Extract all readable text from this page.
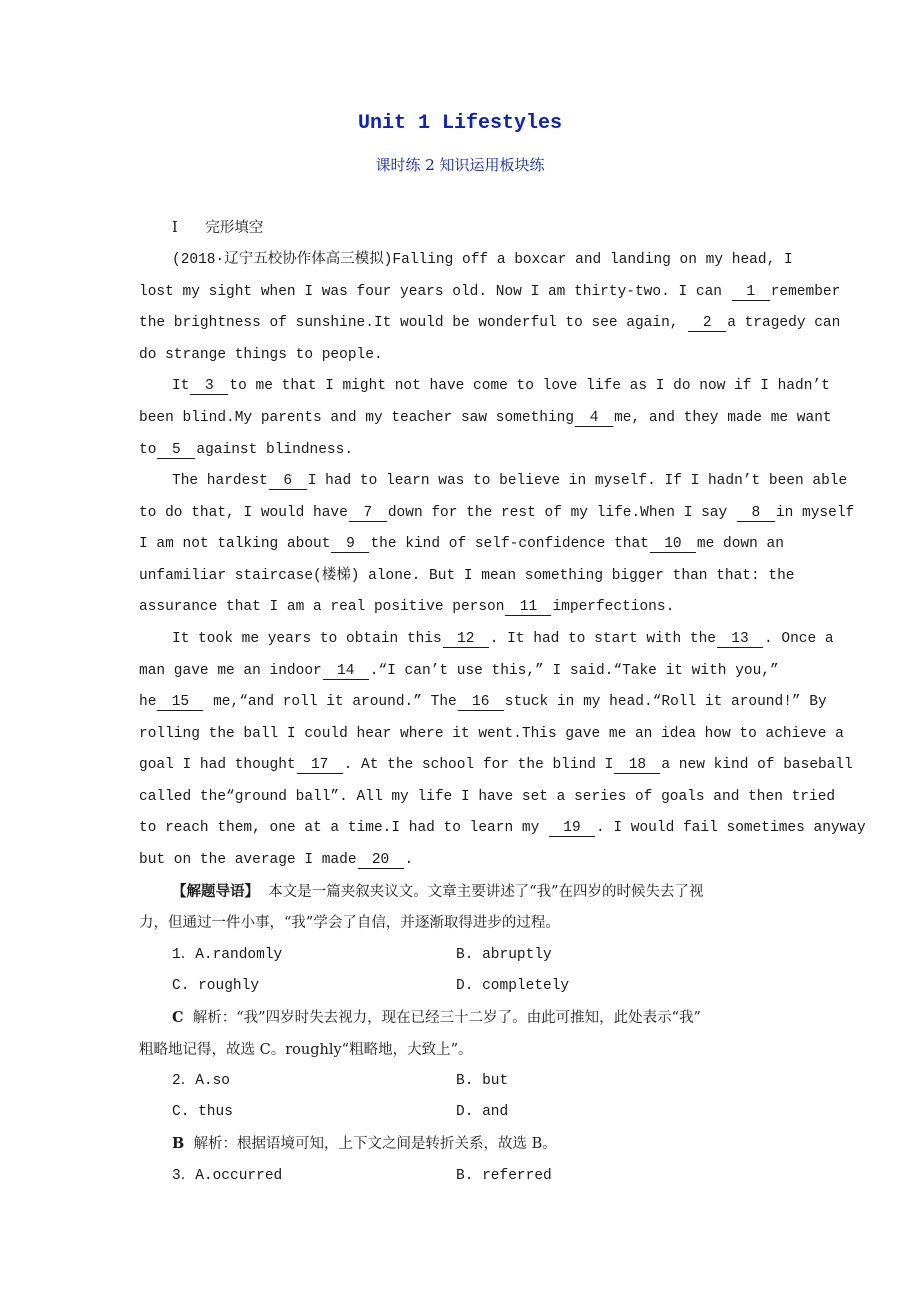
Unit 1 Lifestyles
课时练 2 知识运用板块练
Ⅰ 完形填空
(2018·辽宁五校协作体高三模拟)Falling off a boxcar and landing on my head, I
lost my sight when I was four years old. Now I am thirty-two. I can 1 remember
the brightness of sunshine.It would be wonderful to see again, 2 a tragedy can
do strange things to people.
It 3 to me that I might not have come to love life as I do now if I hadn’t
been blind.My parents and my teacher saw something 4 me, and they made me want
to 5 against blindness.
The hardest 6 I had to learn was to believe in myself. If I hadn’t been able
to do that, I would have 7 down for the rest of my life.When I say 8 in myself
I am not talking about 9 the kind of self-confidence that 10 me down an
unfamiliar staircase(楼梯) alone. But I mean something bigger than that: the
assurance that I am a real positive person 11 imperfections.
It took me years to obtain this 12 . It had to start with the 13 . Once a
man gave me an indoor 14 .“I can’t use this,” I said.“Take it with you,”
he 15 me,“and roll it around.” The 16 stuck in my head.“Roll it around!” By
rolling the ball I could hear where it went.This gave me an idea how to achieve a
goal I had thought 17 . At the school for the blind I 18 a new kind of baseball
called the“ground ball”. All my life I have set a series of goals and then tried
to reach them, one at a time.I had to learn my 19 . I would fail sometimes anyway
but on the average I made 20 .
【解题导语】  本文是一篇夹叙夹议文。文章主要讲述了“我”在四岁的时候失去了视
力，但通过一件小事，“我”学会了自信，并逐渐取得进步的过程。
1．A.randomly	B. abruptly
C. roughly	D. completely
C  解析：“我”四岁时失去视力，现在已经三十二岁了。由此可推知，此处表示“我”
粗略地记得，故选 C。roughly“粗略地，大致上”。
2．A.so	B. but
C. thus	D. and
B  解析：根据语境可知，上下文之间是转折关系，故选 B。
3．A.occurred	B. referred
